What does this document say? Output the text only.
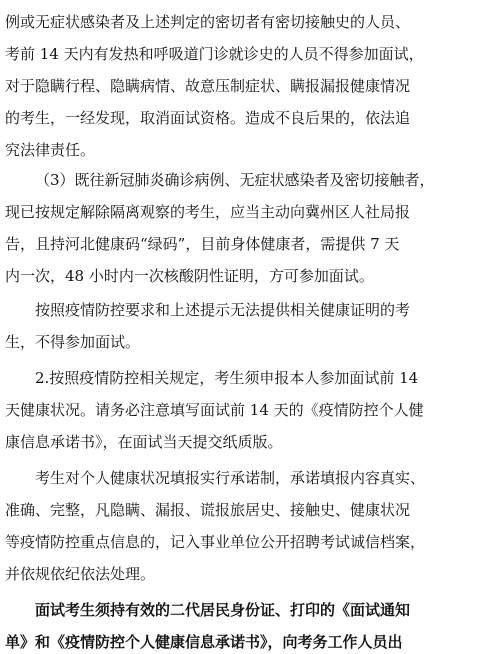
例或无症状感染者及上述判定的密切者有密切接触史的人员、
考前 14 天内有发热和呼吸道门诊就诊史的人员不得参加面试，
对于隐瞒行程、隐瞒病情、故意压制症状、瞒报漏报健康情况
的考生，一经发现，取消面试资格。造成不良后果的，依法追
究法律责任。
（3）既往新冠肺炎确诊病例、无症状感染者及密切接触者，
现已按规定解除隔离观察的考生，应当主动向冀州区人社局报
告，且持河北健康码“绿码”，目前身体健康者，需提供 7 天
内一次，48 小时内一次核酸阴性证明，方可参加面试。
按照疫情防控要求和上述提示无法提供相关健康证明的考
生，不得参加面试。
2.按照疫情防控相关规定，考生须申报本人参加面试前 14
天健康状况。请务必注意填写面试前 14 天的《疫情防控个人健
康信息承诺书》，在面试当天提交纸质版。
考生对个人健康状况填报实行承诺制，承诺填报内容真实、
准确、完整，凡隐瞒、漏报、谎报旅居史、接触史、健康状况
等疫情防控重点信息的，记入事业单位公开招聘考试诚信档案，
并依规依纪依法处理。
面试考生须持有效的二代居民身份证、打印的《面试通知
单》和《疫情防控个人健康信息承诺书》，向考务工作人员出
